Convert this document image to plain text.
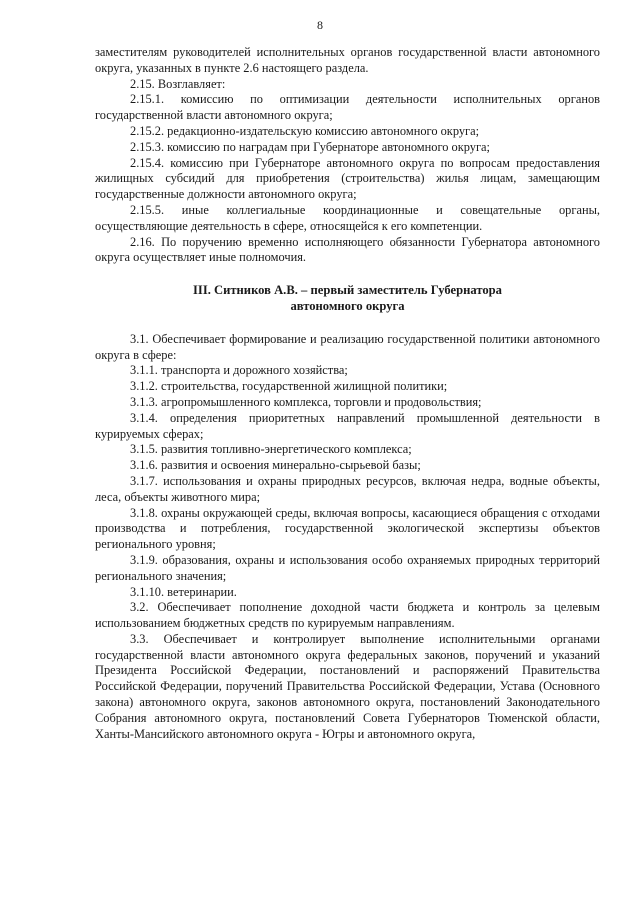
8

заместителям руководителей исполнительных органов государственной власти автономного округа, указанных в пункте 2.6 настоящего раздела.

2.15. Возглавляет:

2.15.1. комиссию по оптимизации деятельности исполнительных органов государственной власти автономного округа;

2.15.2. редакционно-издательскую комиссию автономного округа;

2.15.3. комиссию по наградам при Губернаторе автономного округа;

2.15.4. комиссию при Губернаторе автономного округа по вопросам предоставления жилищных субсидий для приобретения (строительства) жилья лицам, замещающим государственные должности автономного округа;

2.15.5. иные коллегиальные координационные и совещательные органы, осуществляющие деятельность в сфере, относящейся к его компетенции.

2.16. По поручению временно исполняющего обязанности Губернатора автономного округа осуществляет иные полномочия.

III. Ситников А.В. – первый заместитель Губернатора
автономного округа

3.1. Обеспечивает формирование и реализацию государственной политики автономного округа в сфере:

3.1.1. транспорта и дорожного хозяйства;

3.1.2. строительства, государственной жилищной политики;

3.1.3. агропромышленного комплекса, торговли и продовольствия;

3.1.4. определения приоритетных направлений промышленной деятельности в курируемых сферах;

3.1.5. развития топливно-энергетического комплекса;

3.1.6. развития и освоения минерально-сырьевой базы;

3.1.7. использования и охраны природных ресурсов, включая недра, водные объекты, леса, объекты животного мира;

3.1.8. охраны окружающей среды, включая вопросы, касающиеся обращения с отходами производства и потребления, государственной экологической экспертизы объектов регионального уровня;

3.1.9. образования, охраны и использования особо охраняемых природных территорий регионального значения;

3.1.10. ветеринарии.

3.2. Обеспечивает пополнение доходной части бюджета и контроль за целевым использованием бюджетных средств по курируемым направлениям.

3.3. Обеспечивает и контролирует выполнение исполнительными органами государственной власти автономного округа федеральных законов, поручений и указаний Президента Российской Федерации, постановлений и распоряжений Правительства Российской Федерации, поручений Правительства Российской Федерации, Устава (Основного закона) автономного округа, законов автономного округа, постановлений Законодательного Собрания автономного округа, постановлений Совета Губернаторов Тюменской области, Ханты-Мансийского автономного округа - Югры и автономного округа,
